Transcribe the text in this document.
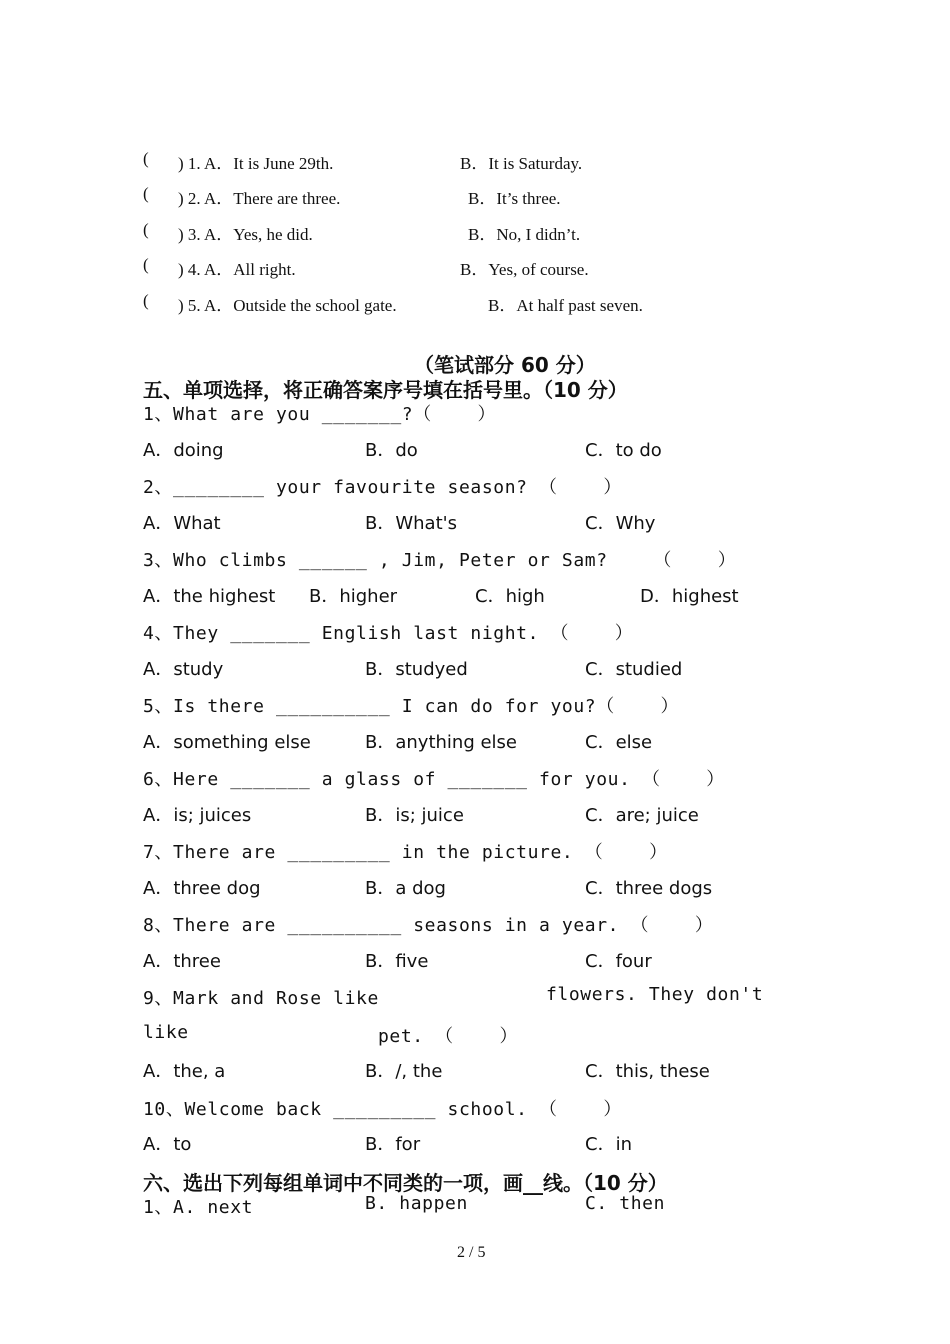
( ) 1. A．It is June 29th.	B．It is Saturday.
( ) 2. A．There are three.	B．It’s three.
( ) 3. A．Yes, he did.	B．No, I didn’t.
( ) 4. A．All right.	B．Yes, of course.
( ) 5. A．Outside the school gate.	B．At half past seven.
（笔试部分 60 分）
五、单项选择，将正确答案序号填在括号里。（10 分）
1、What are you _______?（    ）
A．doing	B．do	C．to do
2、________ your favourite season? （    ）
A．What	B．What's	C．Why
3、Who climbs ______ , Jim, Peter or Sam?    （    ）
A．the highest B．higher	C．high	D．highest
4、They _______ English last night. （    ）
A．study	B．studyed	C．studied
5、Is there __________ I can do for you?（    ）
A．something else	B．anything else	C．else
6、Here _______ a glass of _______ for you. （    ）
A．is; juices	B．is; juice	C．are; juice
7、There are _________ in the picture. （    ）
A．three dog	B．a dog	C．three dogs
8、There are __________ seasons in a year. （    ）
A．three	B．five	C．four
9、Mark and Rose like	flowers. They don't
like	pet. （    ）
A．the, a	B．/, the	C．this, these
10、Welcome back _________ school. （    ）
A．to	B．for	C．in
六、选出下列每组单词中不同类的一项，画__线。（10 分）
1、A. next	B. happen	C. then
2 / 5
